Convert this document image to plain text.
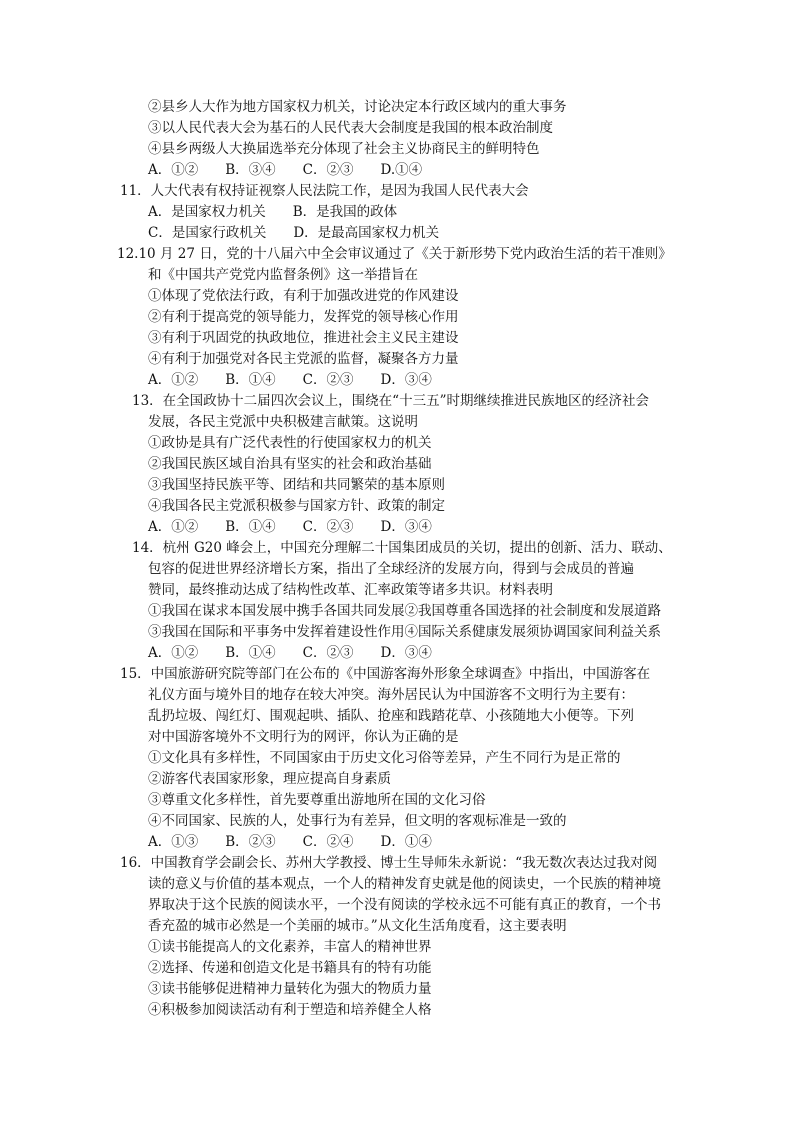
②县乡人大作为地方国家权力机关，讨论决定本行政区域内的重大事务
③以人民代表大会为基石的人民代表大会制度是我国的根本政治制度
④县乡两级人大换届选举充分体现了社会主义协商民主的鲜明特色
A．①②　　B．③④　　C．②③　　D.①④
11．人大代表有权持证视察人民法院工作，是因为我国人民代表大会
A．是国家权力机关　　B．是我国的政体
C．是国家行政机关　　D．是最高国家权力机关
12.10 月 27 日，党的十八届六中全会审议通过了《关于新形势下党内政治生活的若干准则》
和《中国共产党党内监督条例》这一举措旨在
①体现了党依法行政，有利于加强改进党的作风建设
②有利于提高党的领导能力，发挥党的领导核心作用
③有利于巩固党的执政地位，推进社会主义民主建设
④有利于加强党对各民主党派的监督，凝聚各方力量
A．①②　　B．①④　　C．②③　　D．③④
13．在全国政协十二届四次会议上，围绕在“十三五”时期继续推进民族地区的经济社会
发展，各民主党派中央积极建言献策。这说明
①政协是具有广泛代表性的行使国家权力的机关
②我国民族区域自治具有坚实的社会和政治基础
③我国坚持民族平等、团结和共同繁荣的基本原则
④我国各民主党派积极参与国家方针、政策的制定
A．①②　　B．①④　　C．②③　　D．③④
14．杭州 G20 峰会上，中国充分理解二十国集团成员的关切，提出的创新、活力、联动、
包容的促进世界经济增长方案，指出了全球经济的发展方向，得到与会成员的普遍
赞同，最终推动达成了结构性改革、汇率政策等诸多共识。材料表明
①我国在谋求本国发展中携手各国共同发展②我国尊重各国选择的社会制度和发展道路
③我国在国际和平事务中发挥着建设性作用④国际关系健康发展须协调国家间利益关系
A．①②　　B．①④　　C．②③　　D．③④
15．中国旅游研究院等部门在公布的《中国游客海外形象全球调查》中指出，中国游客在
礼仪方面与境外目的地存在较大冲突。海外居民认为中国游客不文明行为主要有：
乱扔垃圾、闯红灯、围观起哄、插队、抢座和践踏花草、小孩随地大小便等。下列
对中国游客境外不文明行为的网评，你认为正确的是
①文化具有多样性，不同国家由于历史文化习俗等差异，产生不同行为是正常的
②游客代表国家形象，理应提高自身素质
③尊重文化多样性，首先要尊重出游地所在国的文化习俗
④不同国家、民族的人，处事行为有差异，但文明的客观标准是一致的
A．①③　　B．②③　　C．②④　　D．①④
16．中国教育学会副会长、苏州大学教授、博士生导师朱永新说：“我无数次表达过我对阅
读的意义与价值的基本观点，一个人的精神发育史就是他的阅读史，一个民族的精神境
界取决于这个民族的阅读水平，一个没有阅读的学校永远不可能有真正的教育，一个书
香充盈的城市必然是一个美丽的城市。”从文化生活角度看，这主要表明
①读书能提高人的文化素养，丰富人的精神世界
②选择、传递和创造文化是书籍具有的特有功能
③读书能够促进精神力量转化为强大的物质力量
④积极参加阅读活动有利于塑造和培养健全人格
